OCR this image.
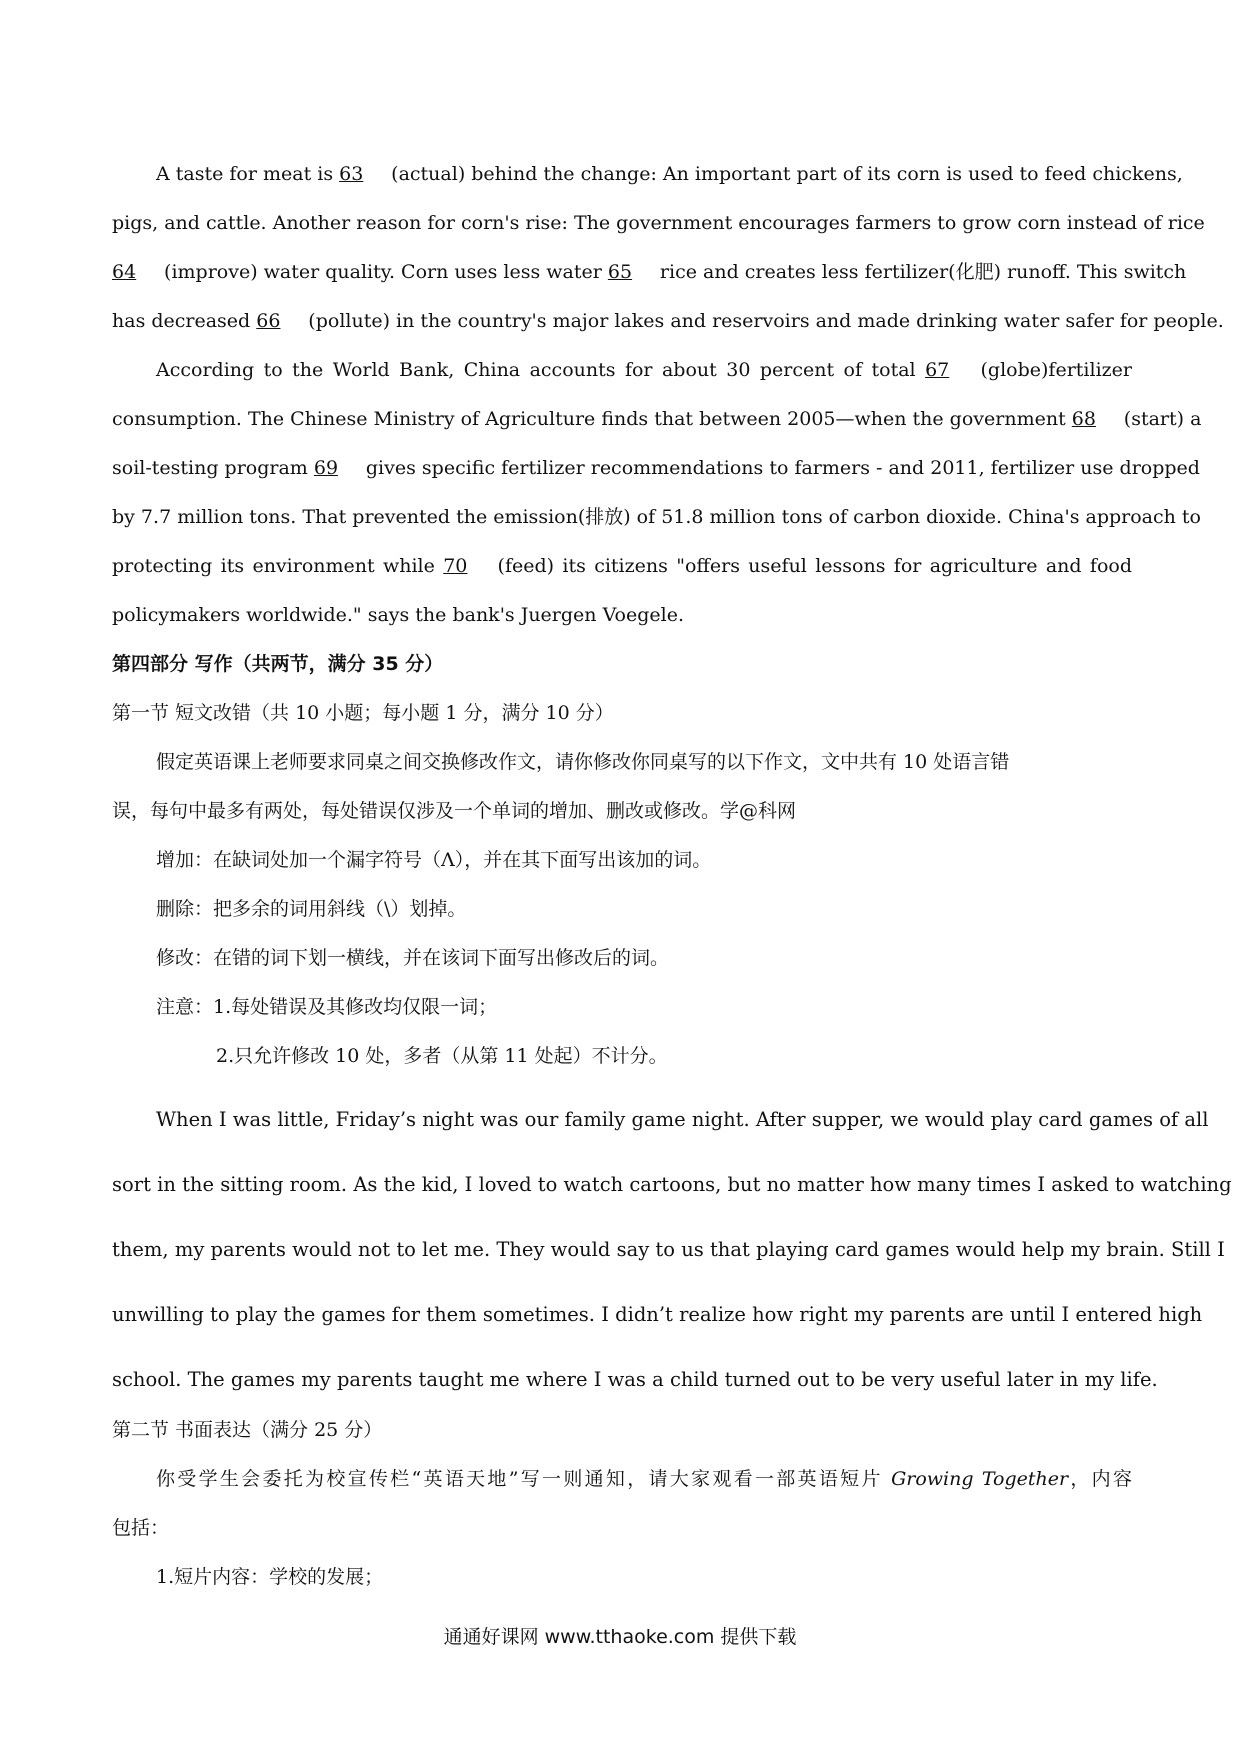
A taste for meat is 63 (actual) behind the change: An important part of its corn is used to feed chickens,
pigs, and cattle. Another reason for corn's rise: The government encourages farmers to grow corn instead of rice
64 (improve) water quality. Corn uses less water 65 rice and creates less fertilizer(化肥) runoff. This switch
has decreased 66 (pollute) in the country's major lakes and reservoirs and made drinking water safer for people.
According to the World Bank, China accounts for about 30 percent of total 67 (globe)fertilizer
consumption. The Chinese Ministry of Agriculture finds that between 2005—when the government 68 (start) a
soil-testing program 69 gives specific fertilizer recommendations to farmers - and 2011, fertilizer use dropped
by 7.7 million tons. That prevented the emission(排放) of 51.8 million tons of carbon dioxide. China's approach to
protecting its environment while 70 (feed) its citizens "offers useful lessons for agriculture and food
policymakers worldwide." says the bank's Juergen Voegele.
第四部分 写作（共两节，满分 35 分）
第一节 短文改错（共 10 小题；每小题 1 分，满分 10 分）
假定英语课上老师要求同桌之间交换修改作文，请你修改你同桌写的以下作文，文中共有 10 处语言错
误，每句中最多有两处，每处错误仅涉及一个单词的增加、删改或修改。学@科网
增加：在缺词处加一个漏字符号（Λ），并在其下面写出该加的词。
删除：把多余的词用斜线（\）划掉。
修改：在错的词下划一横线，并在该词下面写出修改后的词。
注意：1.每处错误及其修改均仅限一词；
2.只允许修改 10 处，多者（从第 11 处起）不计分。
When I was little, Friday’s night was our family game night. After supper, we would play card games of all
sort in the sitting room. As the kid, I loved to watch cartoons, but no matter how many times I asked to watching
them, my parents would not to let me. They would say to us that playing card games would help my brain. Still I
unwilling to play the games for them sometimes. I didn’t realize how right my parents are until I entered high
school. The games my parents taught me where I was a child turned out to be very useful later in my life.
第二节 书面表达（满分 25 分）
你受学生会委托为校宣传栏“英语天地”写一则通知，请大家观看一部英语短片 Growing Together，内容
包括：
1.短片内容：学校的发展；
通通好课网 www.tthaoke.com 提供下载
